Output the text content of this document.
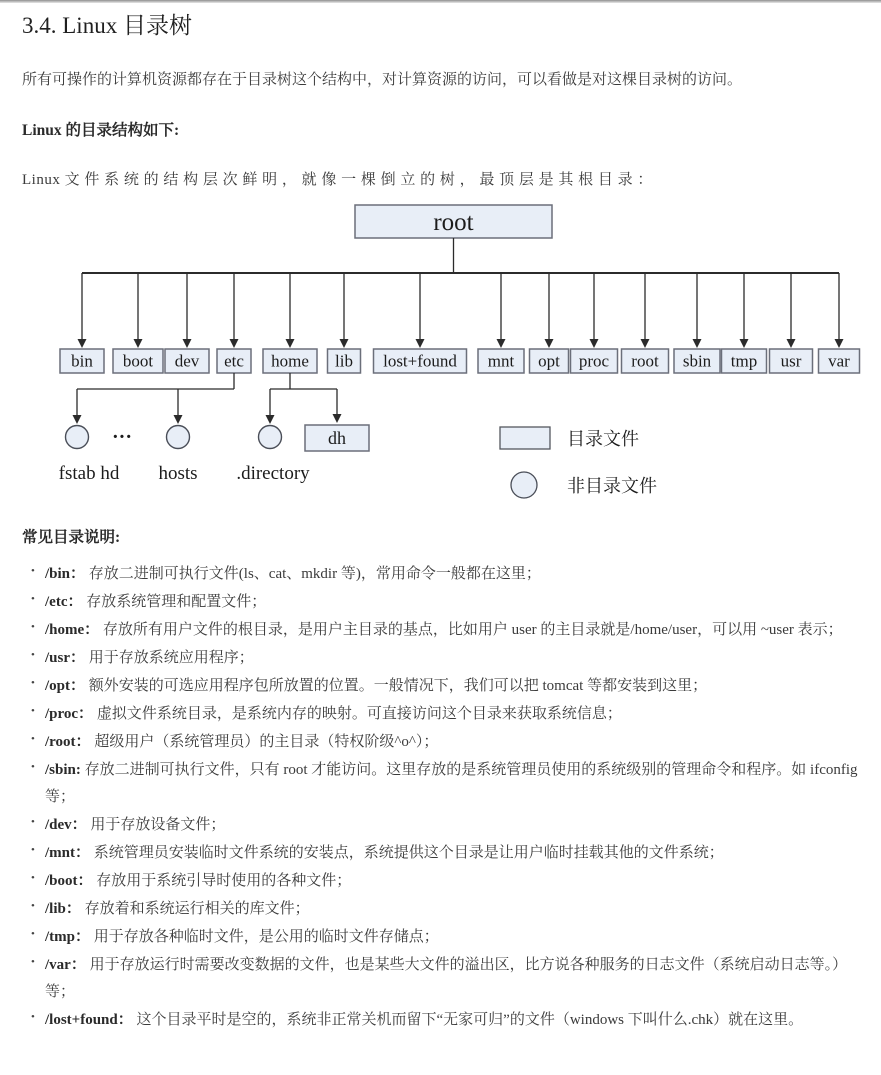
3.4. Linux 目录树

所有可操作的计算机资源都存在于目录树这个结构中，对计算资源的访问，可以看做是对这棵目录树的访问。

Linux 的目录结构如下:

Linux 文 件 系 统 的 结 构 层 次 鲜 明 ， 就 像 一 棵 倒 立 的 树 ， 最 顶 层 是 其 根 目 录 ：

root
bin boot dev etc home lib lost+found mnt opt proc root sbin tmp usr var
fstab hd
···
hosts .directory
dh	目录文件
非目录文件

常见目录说明:

• /bin： 存放二进制可执行文件(ls、cat、mkdir 等)，常用命令一般都在这里；
• /etc： 存放系统管理和配置文件；
• /home： 存放所有用户文件的根目录，是用户主目录的基点，比如用户 user 的主目录就是/home/user，可以用 ~user 表示；
• /usr： 用于存放系统应用程序；
• /opt： 额外安装的可选应用程序包所放置的位置。一般情况下，我们可以把 tomcat 等都安装到这里；
• /proc： 虚拟文件系统目录，是系统内存的映射。可直接访问这个目录来获取系统信息；
• /root： 超级用户（系统管理员）的主目录（特权阶级^o^）；
• /sbin: 存放二进制可执行文件，只有 root 才能访问。这里存放的是系统管理员使用的系统级别的管理命令和程序。如 ifconfig 等；
• /dev： 用于存放设备文件；
• /mnt： 系统管理员安装临时文件系统的安装点，系统提供这个目录是让用户临时挂载其他的文件系统；
• /boot： 存放用于系统引导时使用的各种文件；
• /lib： 存放着和系统运行相关的库文件；
• /tmp： 用于存放各种临时文件，是公用的临时文件存储点；
• /var： 用于存放运行时需要改变数据的文件，也是某些大文件的溢出区，比方说各种服务的日志文件（系统启动日志等。）等；
• /lost+found： 这个目录平时是空的，系统非正常关机而留下“无家可归”的文件（windows 下叫什么.chk）就在这里。
